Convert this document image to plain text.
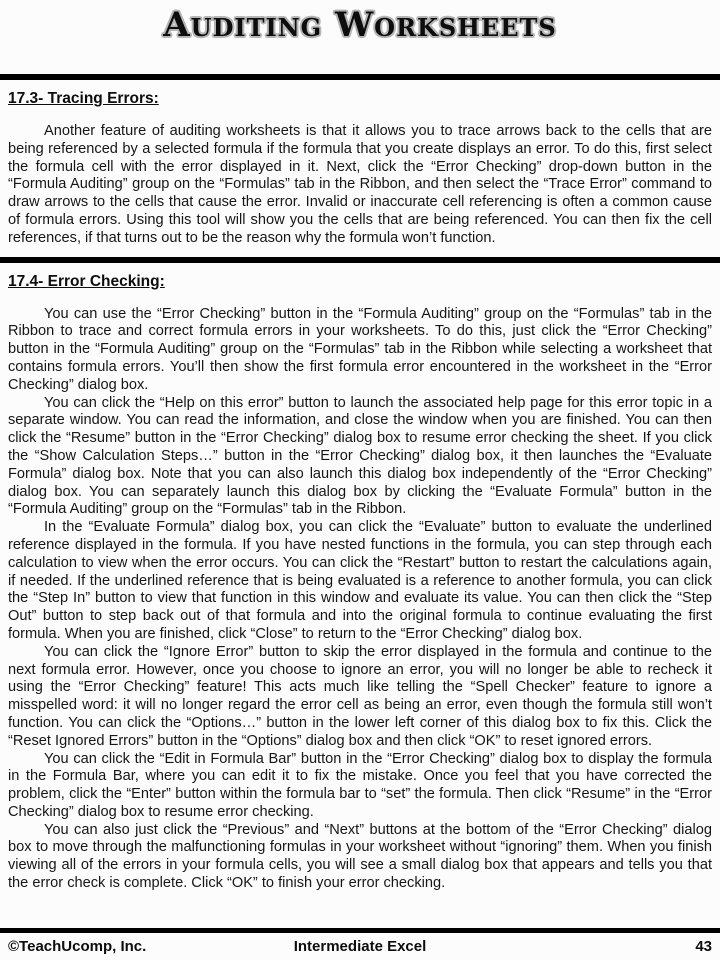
Auditing Worksheets
17.3- Tracing Errors:

Another feature of auditing worksheets is that it allows you to trace arrows back to the cells that are being referenced by a selected formula if the formula that you create displays an error. To do this, first select the formula cell with the error displayed in it. Next, click the “Error Checking” drop-down button in the “Formula Auditing” group on the “Formulas” tab in the Ribbon, and then select the “Trace Error” command to draw arrows to the cells that cause the error. Invalid or inaccurate cell referencing is often a common cause of formula errors. Using this tool will show you the cells that are being referenced. You can then fix the cell references, if that turns out to be the reason why the formula won’t function.

17.4- Error Checking:

You can use the “Error Checking” button in the “Formula Auditing” group on the “Formulas” tab in the Ribbon to trace and correct formula errors in your worksheets. To do this, just click the “Error Checking” button in the “Formula Auditing” group on the “Formulas” tab in the Ribbon while selecting a worksheet that contains formula errors. You’ll then show the first formula error encountered in the worksheet in the “Error Checking” dialog box.

You can click the “Help on this error” button to launch the associated help page for this error topic in a separate window. You can read the information, and close the window when you are finished. You can then click the “Resume” button in the “Error Checking” dialog box to resume error checking the sheet. If you click the “Show Calculation Steps…” button in the “Error Checking” dialog box, it then launches the “Evaluate Formula” dialog box. Note that you can also launch this dialog box independently of the “Error Checking” dialog box. You can separately launch this dialog box by clicking the “Evaluate Formula” button in the “Formula Auditing” group on the “Formulas” tab in the Ribbon.

In the “Evaluate Formula” dialog box, you can click the “Evaluate” button to evaluate the underlined reference displayed in the formula. If you have nested functions in the formula, you can step through each calculation to view when the error occurs. You can click the “Restart” button to restart the calculations again, if needed. If the underlined reference that is being evaluated is a reference to another formula, you can click the “Step In” button to view that function in this window and evaluate its value. You can then click the “Step Out” button to step back out of that formula and into the original formula to continue evaluating the first formula. When you are finished, click “Close” to return to the “Error Checking” dialog box.

You can click the “Ignore Error” button to skip the error displayed in the formula and continue to the next formula error. However, once you choose to ignore an error, you will no longer be able to recheck it using the “Error Checking” feature! This acts much like telling the “Spell Checker” feature to ignore a misspelled word: it will no longer regard the error cell as being an error, even though the formula still won’t function. You can click the “Options…” button in the lower left corner of this dialog box to fix this. Click the “Reset Ignored Errors” button in the “Options” dialog box and then click “OK” to reset ignored errors.

You can click the “Edit in Formula Bar” button in the “Error Checking” dialog box to display the formula in the Formula Bar, where you can edit it to fix the mistake. Once you feel that you have corrected the problem, click the “Enter” button within the formula bar to “set” the formula. Then click “Resume” in the “Error Checking” dialog box to resume error checking.

You can also just click the “Previous” and “Next” buttons at the bottom of the “Error Checking” dialog box to move through the malfunctioning formulas in your worksheet without “ignoring” them. When you finish viewing all of the errors in your formula cells, you will see a small dialog box that appears and tells you that the error check is complete. Click “OK” to finish your error checking.

©TeachUcomp, Inc.	Intermediate Excel	43
